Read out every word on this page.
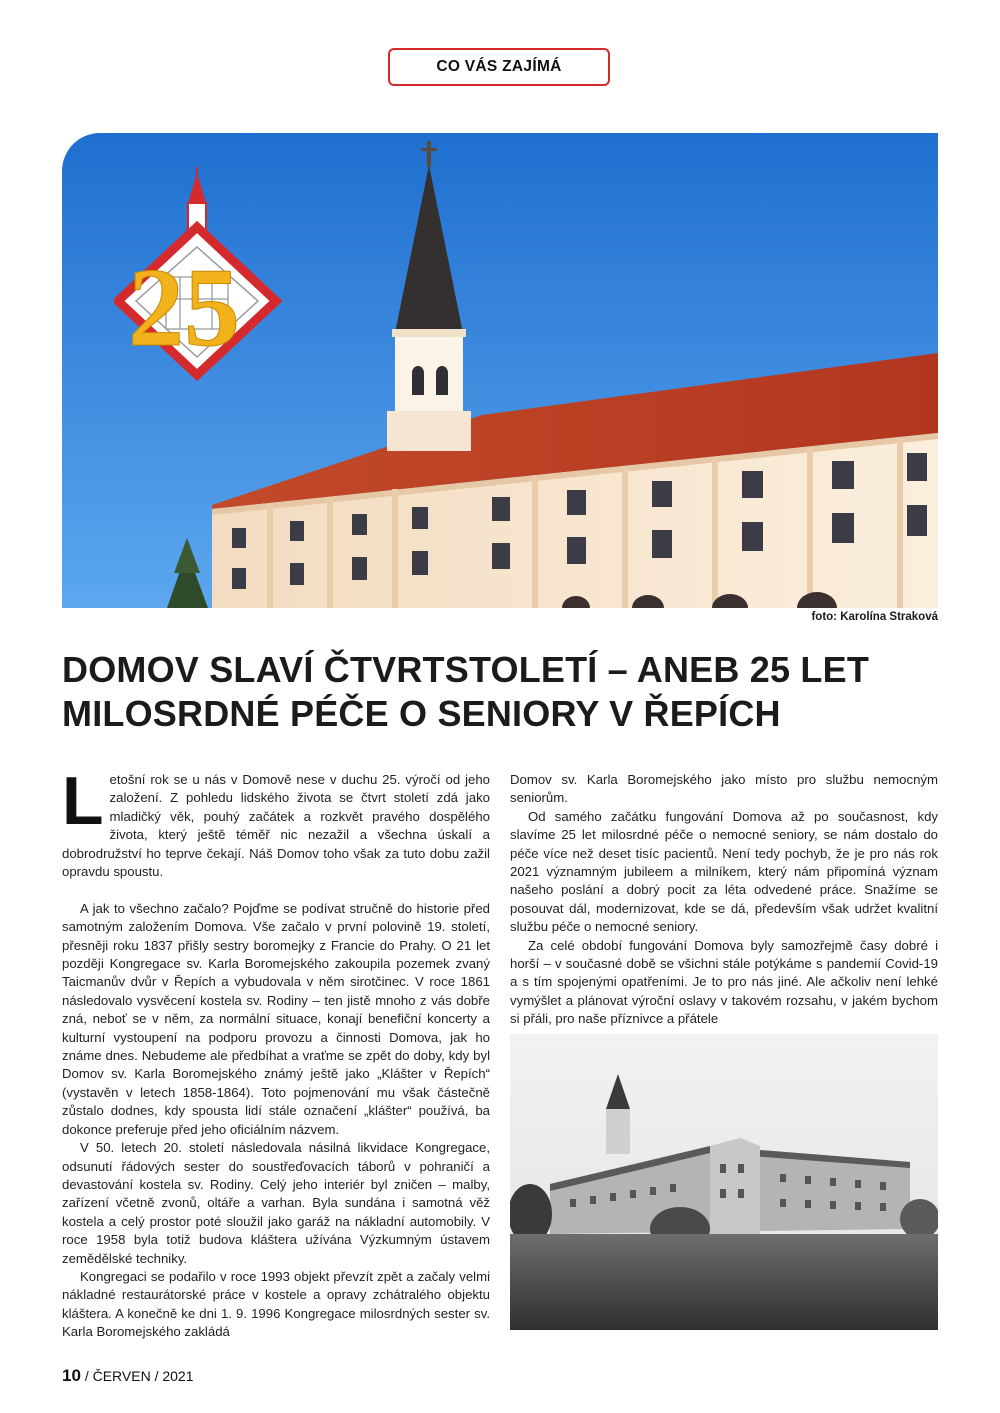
CO VÁS ZAJÍMÁ
25
foto: Karolína Straková
DOMOV SLAVÍ ČTVRTSTOLETÍ – ANEB 25 LET MILOSRDNÉ PÉČE O SENIORY V ŘEPÍCH

Letošní rok se u nás v Domově nese v duchu 25. výročí od jeho založení. Z pohledu lidského života se čtvrt století zdá jako mladičký věk, pouhý začátek a rozkvět pravého dospělého života, který ještě téměř nic nezažil a všechna úskalí a dobrodružství ho teprve čekají. Náš Domov toho však za tuto dobu zažil opravdu spoustu.

A jak to všechno začalo? Pojďme se podívat stručně do historie před samotným založením Domova. Vše začalo v první polovině 19. století, přesněji roku 1837 přišly sestry boromejky z Francie do Prahy. O 21 let později Kongregace sv. Karla Boromejského zakoupila pozemek zvaný Taicmanův dvůr v Řepích a vybudovala v něm sirotčinec. V roce 1861 následovalo vysvěcení kostela sv. Rodiny – ten jistě mnoho z vás dobře zná, neboť se v něm, za normální situace, konají benefiční koncerty a kulturní vystoupení na podporu provozu a činnosti Domova, jak ho známe dnes. Nebudeme ale předbíhat a vraťme se zpět do doby, kdy byl Domov sv. Karla Boromejského známý ještě jako „Klášter v Řepích“ (vystavěn v letech 1858-1864). Toto pojmenování mu však částečně zůstalo dodnes, kdy spousta lidí stále označení „klášter“ používá, ba dokonce preferuje před jeho oficiálním názvem.

V 50. letech 20. století následovala násilná likvidace Kongregace, odsunutí řádových sester do soustřeďovacích táborů v pohraničí a devastování kostela sv. Rodiny. Celý jeho interiér byl zničen – malby, zařízení včetně zvonů, oltáře a varhan. Byla sundána i samotná věž kostela a celý prostor poté sloužil jako garáž na nákladní automobily. V roce 1958 byla totiž budova kláštera užívána Výzkumným ústavem zemědělské techniky.

Kongregaci se podařilo v roce 1993 objekt převzít zpět a začaly velmi nákladné restaurátorské práce v kostele a opravy zchátralého objektu kláštera. A konečně ke dni 1. 9. 1996 Kongregace milosrdných sester sv. Karla Boromejského zakládá

Domov sv. Karla Boromejského jako místo pro službu nemocným seniorům.

Od samého začátku fungování Domova až po současnost, kdy slavíme 25 let milosrdné péče o nemocné seniory, se nám dostalo do péče více než deset tisíc pacientů. Není tedy pochyb, že je pro nás rok 2021 významným jubileem a milníkem, který nám připomíná význam našeho poslání a dobrý pocit za léta odvedené práce. Snažíme se posouvat dál, modernizovat, kde se dá, především však udržet kvalitní službu péče o nemocné seniory.

Za celé období fungování Domova byly samozřejmě časy dobré i horší – v současné době se všichni stále potýkáme s pandemií Covid-19 a s tím spojenými opatřeními. Je to pro nás jiné. Ale ačkoliv není lehké vymýšlet a plánovat výroční oslavy v takovém rozsahu, v jakém bychom si přáli, pro naše příznivce a přátele

10 / ČERVEN / 2021
